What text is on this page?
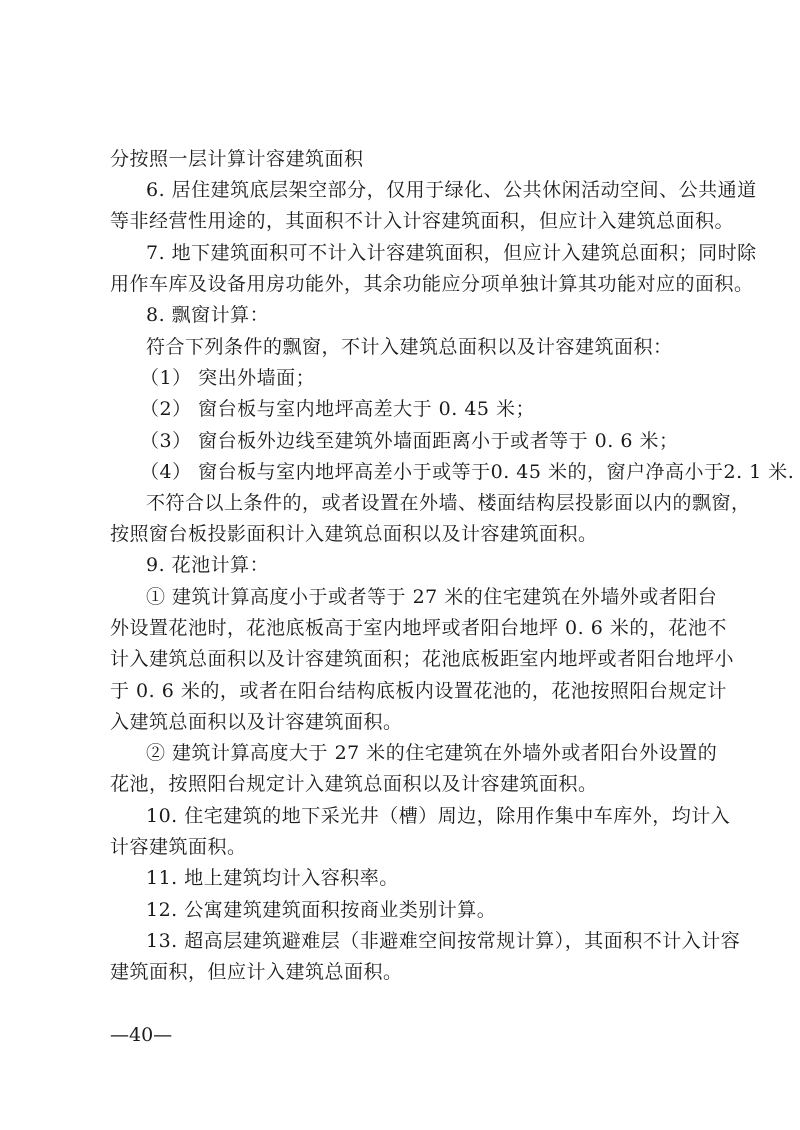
分按照一层计算计容建筑面积

6. 居住建筑底层架空部分，仅用于绿化、公共休闲活动空间、公共通道

等非经营性用途的，其面积不计入计容建筑面积，但应计入建筑总面积。

7. 地下建筑面积可不计入计容建筑面积，但应计入建筑总面积；同时除

用作车库及设备用房功能外，其余功能应分项单独计算其功能对应的面积。

8. 飘窗计算：

符合下列条件的飘窗，不计入建筑总面积以及计容建筑面积：

（1） 突出外墙面；

（2） 窗台板与室内地坪高差大于 0. 45 米；

（3） 窗台板外边线至建筑外墙面距离小于或者等于 0. 6 米；

（4） 窗台板与室内地坪高差小于或等于0. 45 米的，窗户净高小于2. 1 米.

不符合以上条件的，或者设置在外墙、楼面结构层投影面以内的飘窗，

按照窗台板投影面积计入建筑总面积以及计容建筑面积。

9. 花池计算：

① 建筑计算高度小于或者等于 27 米的住宅建筑在外墙外或者阳台

外设置花池时，花池底板高于室内地坪或者阳台地坪 0. 6 米的，花池不

计入建筑总面积以及计容建筑面积；花池底板距室内地坪或者阳台地坪小

于 0. 6 米的，或者在阳台结构底板内设置花池的，花池按照阳台规定计

入建筑总面积以及计容建筑面积。

② 建筑计算高度大于 27 米的住宅建筑在外墙外或者阳台外设置的

花池，按照阳台规定计入建筑总面积以及计容建筑面积。

10. 住宅建筑的地下采光井（槽）周边，除用作集中车库外，均计入

计容建筑面积。

11. 地上建筑均计入容积率。

12. 公寓建筑建筑面积按商业类别计算。

13. 超高层建筑避难层（非避难空间按常规计算），其面积不计入计容

建筑面积，但应计入建筑总面积。

—40—
